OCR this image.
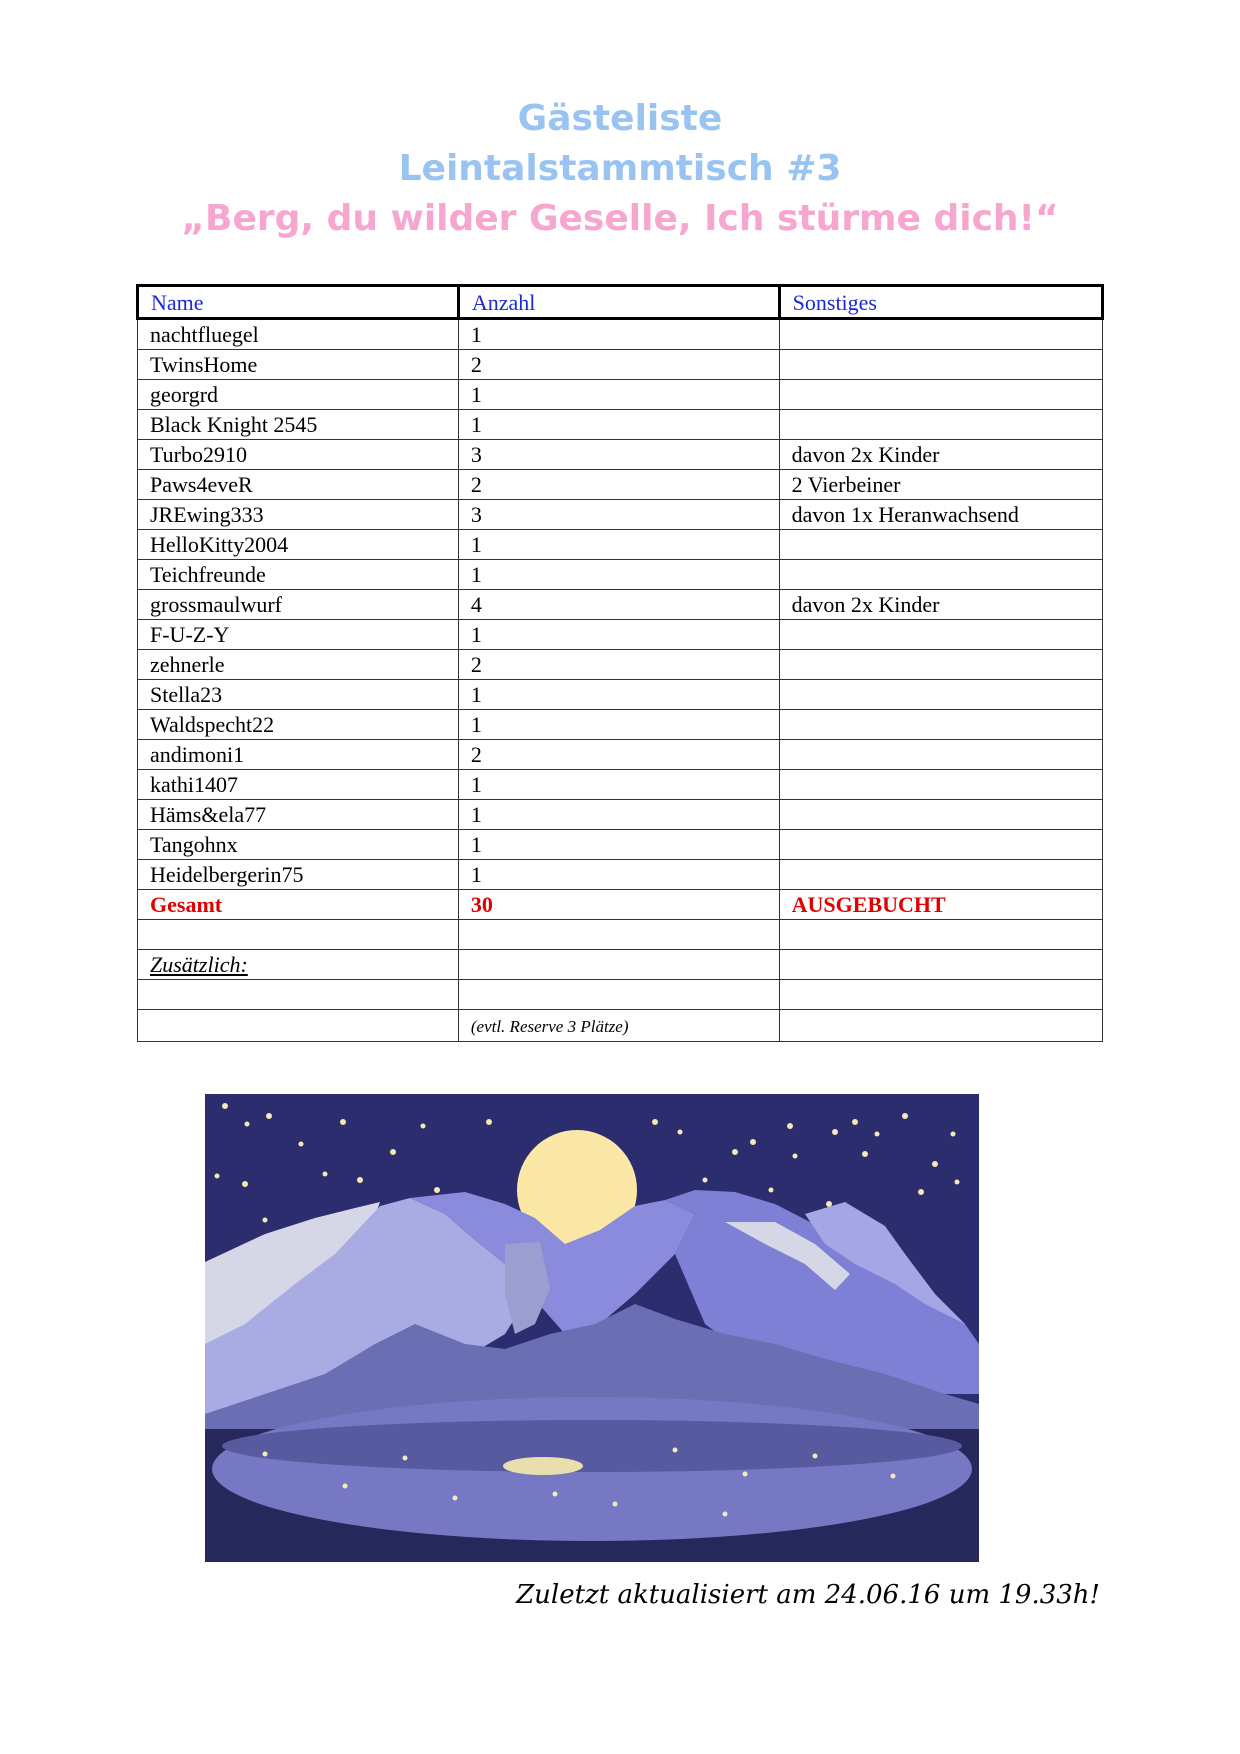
Gästeliste
Leintalstammtisch #3
„Berg, du wilder Geselle, Ich stürme dich!“
Name	Anzahl	Sonstiges
nachtfluegel	1	
TwinsHome	2	
georgrd	1	
Black Knight 2545	1	
Turbo2910	3	davon 2x Kinder
Paws4eveR	2	2 Vierbeiner
JREwing333	3	davon 1x Heranwachsend
HelloKitty2004	1	
Teichfreunde	1	
grossmaulwurf	4	davon 2x Kinder
F-U-Z-Y	1	
zehnerle	2	
Stella23	1	
Waldspecht22	1	
andimoni1	2	
kathi1407	1	
Häms&ela77	1	
Tangohnx	1	
Heidelbergerin75	1	
Gesamt	30	AUSGEBUCHT

Zusätzlich:		

	(evtl. Reserve 3 Plätze)	
Zuletzt aktualisiert am 24.06.16 um 19.33h!
